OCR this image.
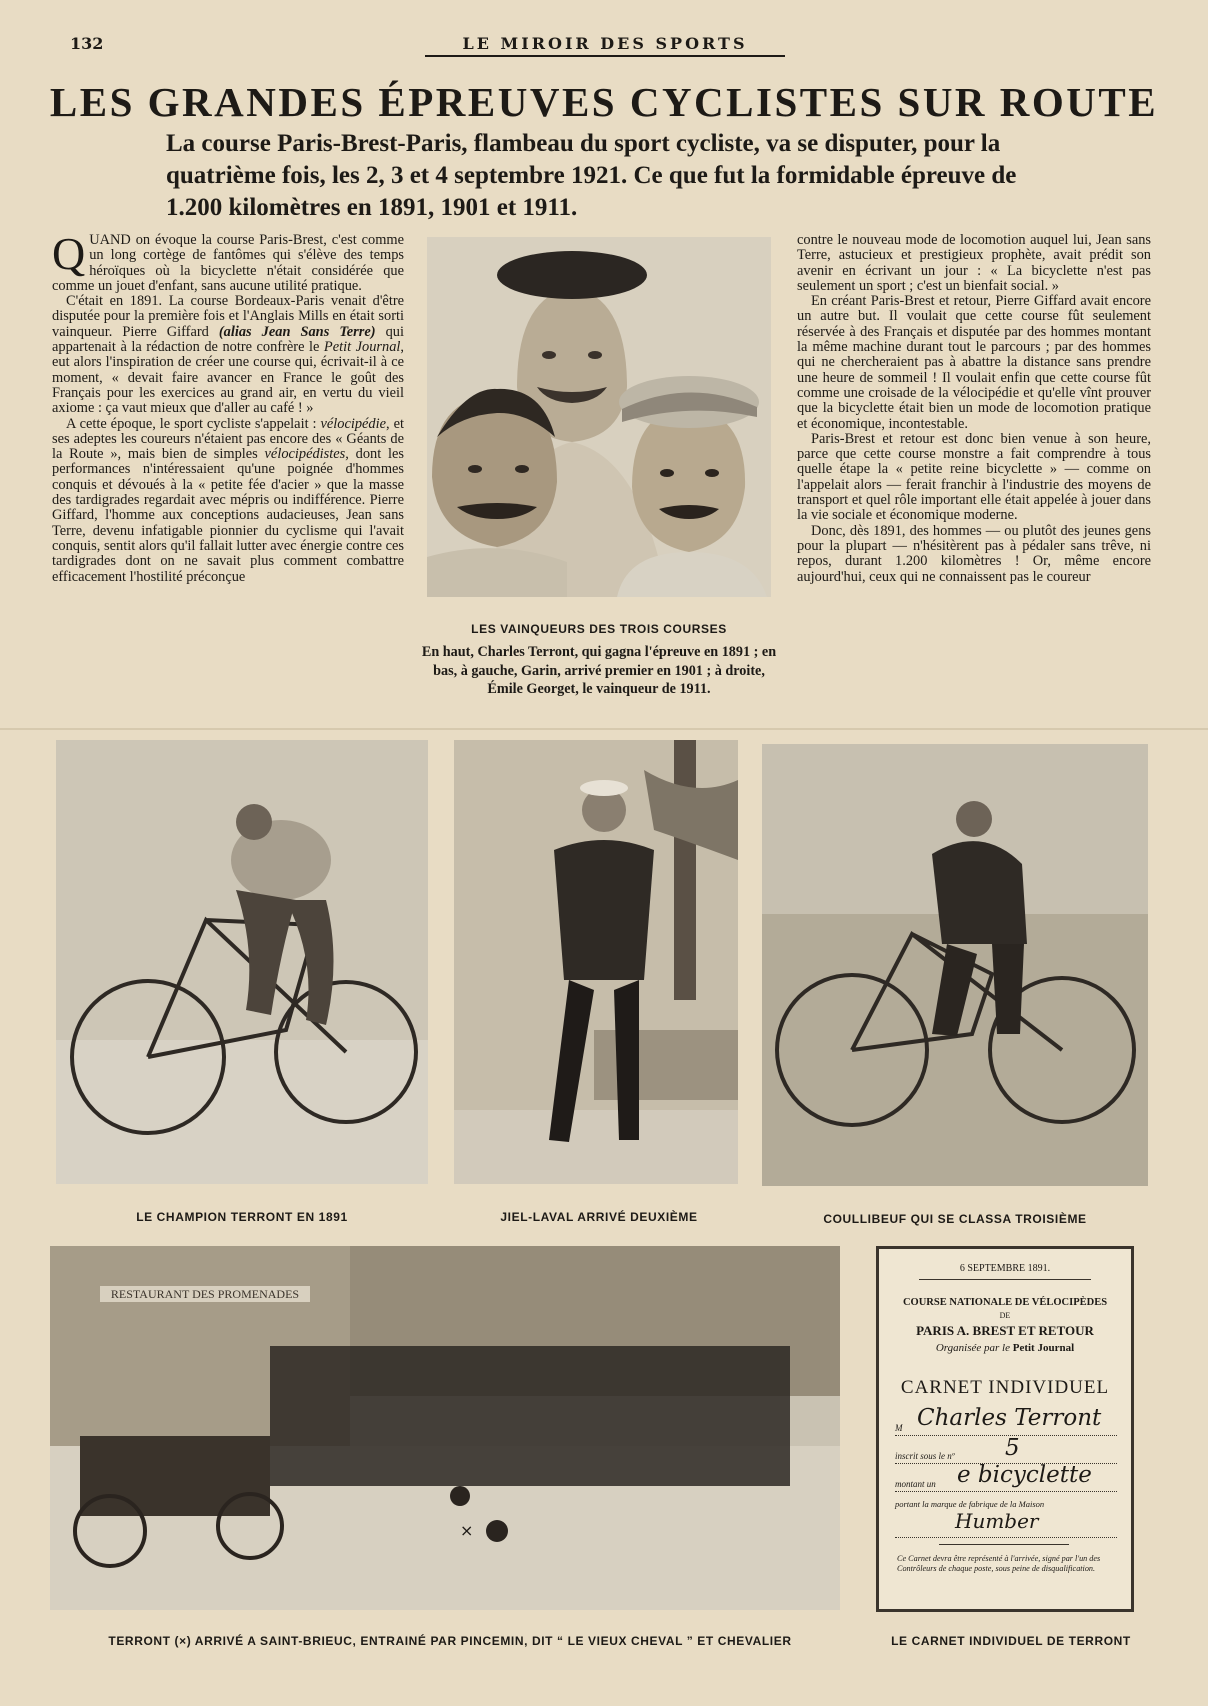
132	LE MIROIR DES SPORTS
LES GRANDES ÉPREUVES CYCLISTES SUR ROUTE
La course Paris-Brest-Paris, flambeau du sport cycliste, va se disputer, pour la quatrième fois, les 2, 3 et 4 septembre 1921. Ce que fut la formidable épreuve de 1.200 kilomètres en 1891, 1901 et 1911.

QUAND on évoque la course Paris-Brest, c'est comme un long cortège de fantômes qui s'élève des temps héroïques où la bicyclette n'était considérée que comme un jouet d'enfant, sans aucune utilité pratique.

C'était en 1891. La course Bordeaux-Paris venait d'être disputée pour la première fois et l'Anglais Mills en était sorti vainqueur. Pierre Giffard (alias Jean Sans Terre) qui appartenait à la rédaction de notre confrère le Petit Journal, eut alors l'inspiration de créer une course qui, écrivait-il à ce moment, « devait faire avancer en France le goût des Français pour les exercices au grand air, en vertu du vieil axiome : ça vaut mieux que d'aller au café ! »

A cette époque, le sport cycliste s'appelait : vélocipédie, et ses adeptes les coureurs n'étaient pas encore des « Géants de la Route », mais bien de simples vélocipédistes, dont les performances n'intéressaient qu'une poignée d'hommes conquis et dévoués à la « petite fée d'acier » que la masse des tardigrades regardait avec mépris ou indifférence. Pierre Giffard, l'homme aux conceptions audacieuses, Jean sans Terre, devenu infatigable pionnier du cyclisme qui l'avait conquis, sentit alors qu'il fallait lutter avec énergie contre ces tardigrades dont on ne savait plus comment combattre efficacement l'hostilité préconçue

LES VAINQUEURS DES TROIS COURSES
En haut, Charles Terront, qui gagna l'épreuve en 1891 ; en bas, à gauche, Garin, arrivé premier en 1901 ; à droite, Émile Georget, le vainqueur de 1911.

contre le nouveau mode de locomotion auquel lui, Jean sans Terre, astucieux et prestigieux prophète, avait prédit son avenir en écrivant un jour : « La bicyclette n'est pas seulement un sport ; c'est un bienfait social. »

En créant Paris-Brest et retour, Pierre Giffard avait encore un autre but. Il voulait que cette course fût seulement réservée à des Français et disputée par des hommes montant la même machine durant tout le parcours ; par des hommes qui ne chercheraient pas à abattre la distance sans prendre une heure de sommeil ! Il voulait enfin que cette course fût comme une croisade de la vélocipédie et qu'elle vînt prouver que la bicyclette était bien un mode de locomotion pratique et économique, incontestable.

Paris-Brest et retour est donc bien venue à son heure, parce que cette course monstre a fait comprendre à tous quelle étape la « petite reine bicyclette » — comme on l'appelait alors — ferait franchir à l'industrie des moyens de transport et quel rôle important elle était appelée à jouer dans la vie sociale et économique moderne.

Donc, dès 1891, des hommes — ou plutôt des jeunes gens pour la plupart — n'hésitèrent pas à pédaler sans trêve, ni repos, durant 1.200 kilomètres ! Or, même encore aujourd'hui, ceux qui ne connaissent pas le coureur

LE CHAMPION TERRONT EN 1891	JIEL-LAVAL ARRIVÉ DEUXIÈME	COULLIBEUF QUI SE CLASSA TROISIÈME
RESTAURANT DES PROMENADES
×
6 SEPTEMBRE 1891.
COURSE NATIONALE DE VÉLOCIPÈDES
DE
PARIS A. BREST ET RETOUR
Organisée par le Petit Journal
CARNET INDIVIDUEL
M Charles Terront
inscrit sous le nº 5
montant un e bicyclette
portant la marque de fabrique de la Maison
Humber
Ce Carnet devra être représenté à l'arrivée, signé par l'un des Contrôleurs de chaque poste, sous peine de disqualification.
TERRONT (×) ARRIVÉ A SAINT-BRIEUC, ENTRAINÉ PAR PINCEMIN, DIT “ LE VIEUX CHEVAL ” ET CHEVALIER	LE CARNET INDIVIDUEL DE TERRONT
